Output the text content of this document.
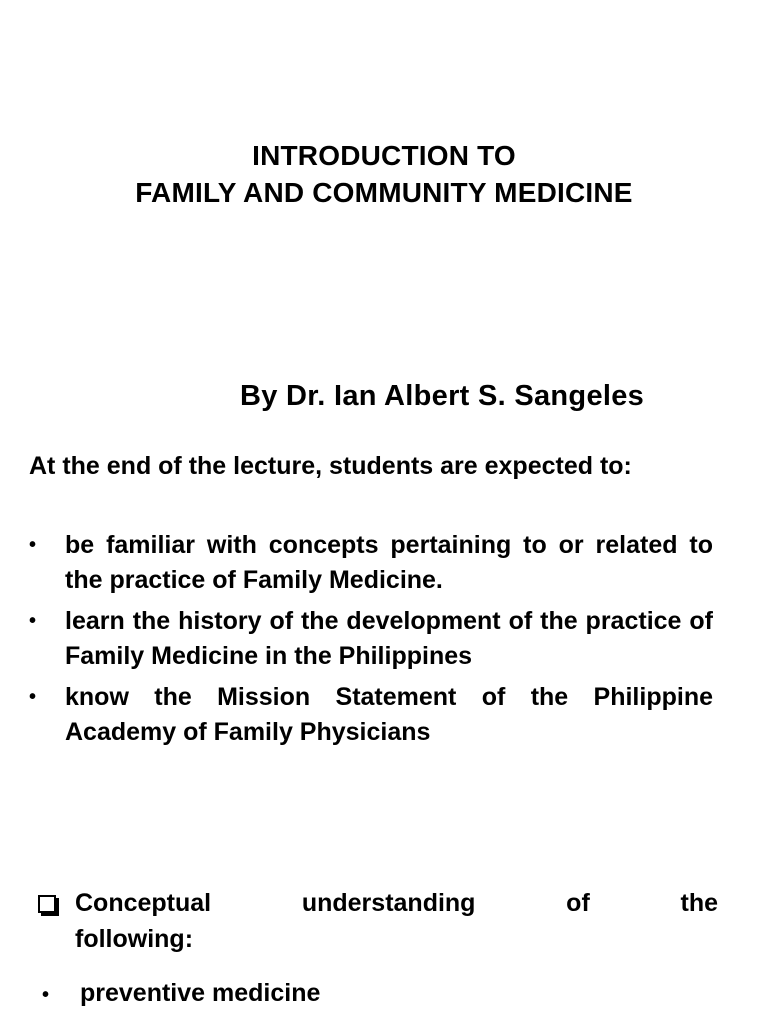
INTRODUCTION TO
FAMILY AND COMMUNITY MEDICINE
By Dr. Ian Albert S. Sangeles
At the end of the lecture, students are expected to:
• be familiar with concepts pertaining to or related to the practice of Family Medicine.
• learn the history of the development of the practice of Family Medicine in the Philippines
• know the Mission Statement of the Philippine Academy of Family Physicians
Conceptual	understanding	of	the
following:
• preventive medicine
